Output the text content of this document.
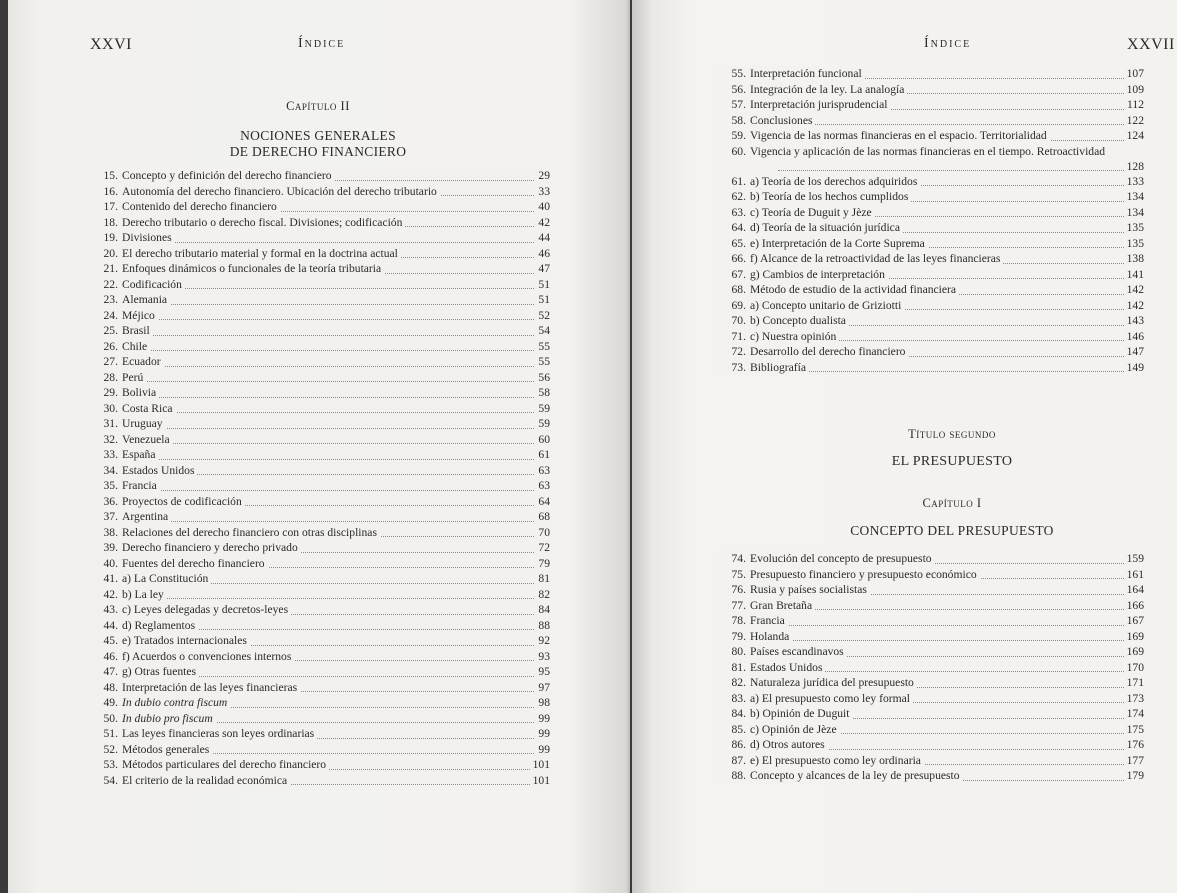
XXVI	Índice
Capítulo II
NOCIONES GENERALES
DE DERECHO FINANCIERO
15. Concepto y definición del derecho financiero	29
16. Autonomía del derecho financiero. Ubicación del derecho tributario	33
17. Contenido del derecho financiero	40
18. Derecho tributario o derecho fiscal. Divisiones; codificación	42
19. Divisiones	44
20. El derecho tributario material y formal en la doctrina actual	46
21. Enfoques dinámicos o funcionales de la teoría tributaria	47
22. Codificación	51
23. Alemania	51
24. Méjico	52
25. Brasil	54
26. Chile	55
27. Ecuador	55
28. Perú	56
29. Bolivia	58
30. Costa Rica	59
31. Uruguay	59
32. Venezuela	60
33. España	61
34. Estados Unidos	63
35. Francia	63
36. Proyectos de codificación	64
37. Argentina	68
38. Relaciones del derecho financiero con otras disciplinas	70
39. Derecho financiero y derecho privado	72
40. Fuentes del derecho financiero	79
41. a) La Constitución	81
42. b) La ley	82
43. c) Leyes delegadas y decretos-leyes	84
44. d) Reglamentos	88
45. e) Tratados internacionales	92
46. f) Acuerdos o convenciones internos	93
47. g) Otras fuentes	95
48. Interpretación de las leyes financieras	97
49. In dubio contra fiscum	98
50. In dubio pro fiscum	99
51. Las leyes financieras son leyes ordinarias	99
52. Métodos generales	99
53. Métodos particulares del derecho financiero	101
54. El criterio de la realidad económica	101
Índice	XXVII
55. Interpretación funcional	107
56. Integración de la ley. La analogía	109
57. Interpretación jurisprudencial	112
58. Conclusiones	122
59. Vigencia de las normas financieras en el espacio. Territorialidad	124
60. Vigencia y aplicación de las normas financieras en el tiempo. Retroactividad
128
61. a) Teoría de los derechos adquiridos	133
62. b) Teoría de los hechos cumplidos	134
63. c) Teoría de Duguit y Jèze	134
64. d) Teoría de la situación jurídica	135
65. e) Interpretación de la Corte Suprema	135
66. f) Alcance de la retroactividad de las leyes financieras	138
67. g) Cambios de interpretación	141
68. Método de estudio de la actividad financiera	142
69. a) Concepto unitario de Griziotti	142
70. b) Concepto dualista	143
71. c) Nuestra opinión	146
72. Desarrollo del derecho financiero	147
73. Bibliografía	149
Título segundo
EL PRESUPUESTO
Capítulo I
CONCEPTO DEL PRESUPUESTO
74. Evolución del concepto de presupuesto	159
75. Presupuesto financiero y presupuesto económico	161
76. Rusia y países socialistas	164
77. Gran Bretaña	166
78. Francia	167
79. Holanda	169
80. Países escandinavos	169
81. Estados Unidos	170
82. Naturaleza jurídica del presupuesto	171
83. a) El presupuesto como ley formal	173
84. b) Opinión de Duguit	174
85. c) Opinión de Jèze	175
86. d) Otros autores	176
87. e) El presupuesto como ley ordinaria	177
88. Concepto y alcances de la ley de presupuesto	179
